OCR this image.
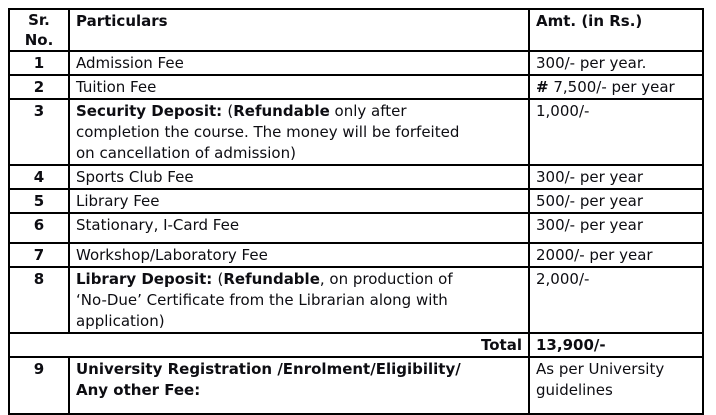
Sr.
No.	Particulars	Amt. (in Rs.)
1	Admission Fee	300/- per year.
2	Tuition Fee	# 7,500/- per year
3	Security Deposit: (Refundable only after
completion the course. The money will be forfeited
on cancellation of admission)	1,000/-
4	Sports Club Fee	300/- per year
5	Library Fee	500/- per year
6	Stationary, I-Card Fee	300/- per year
7	Workshop/Laboratory Fee	2000/- per year
8	Library Deposit: (Refundable, on production of
‘No-Due’ Certificate from the Librarian along with
application)	2,000/-
Total		13,900/-
9	University Registration /Enrolment/Eligibility/
Any other Fee:	As per University guidelines
